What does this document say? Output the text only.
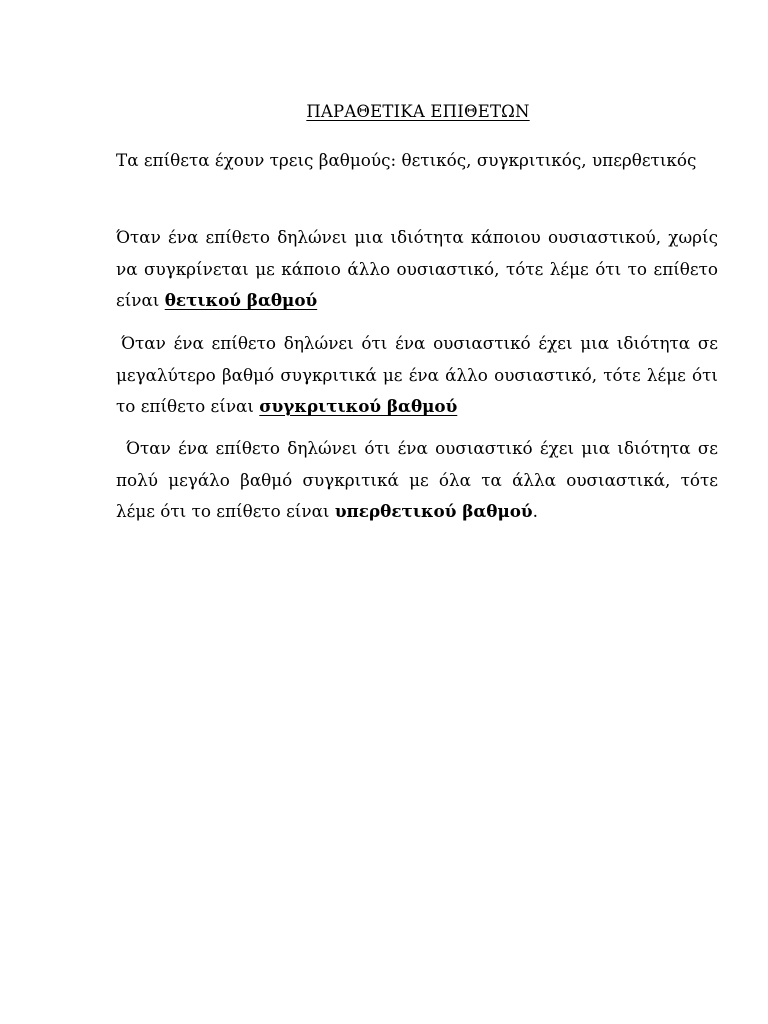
ΠΑΡΑΘΕΤΙΚΑ ΕΠΙΘΕΤΩΝ

Τα επίθετα έχουν τρεις βαθμούς: θετικός, συγκριτικός, υπερθετικός

Όταν ένα επίθετο δηλώνει μια ιδιότητα κάποιου ουσιαστικού, χωρίς να συγκρίνεται με κάποιο άλλο ουσιαστικό, τότε λέμε ότι το επίθετο είναι θετικού βαθμού

Όταν ένα επίθετο δηλώνει ότι ένα ουσιαστικό έχει μια ιδιότητα σε μεγαλύτερο βαθμό συγκριτικά με ένα άλλο ουσιαστικό, τότε λέμε ότι το επίθετο είναι συγκριτικού βαθμού

Όταν ένα επίθετο δηλώνει ότι ένα ουσιαστικό έχει μια ιδιότητα σε πολύ μεγάλο βαθμό συγκριτικά με όλα τα άλλα ουσιαστικά, τότε λέμε ότι το επίθετο είναι υπερθετικού βαθμού.
